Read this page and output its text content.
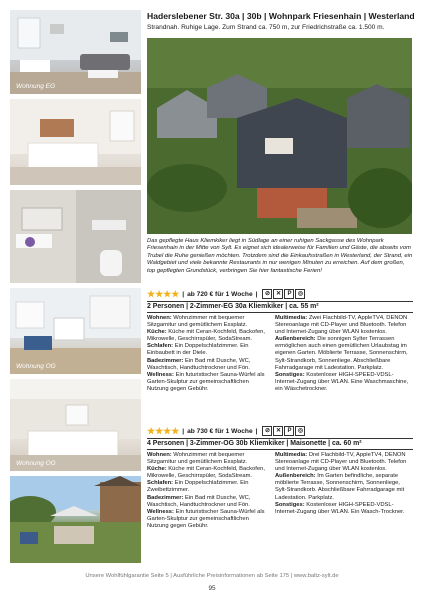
Wohnung EG
Wohnung OG
Wohnung OG
Haderslebener Str. 30a | 30b | Wohnpark Friesenhain | Westerland
Strandnah. Ruhige Lage. Zum Strand ca. 750 m, zur Friedrichstraße ca. 1.500 m.
Das gepflegte Haus Kliemkiker liegt in Südlage an einer ruhigen Sackgasse des Wohnpark Friesenhain in der Mitte von Sylt. Es eignet sich idealerweise für Familien und Gäste, die abseits vom Trubel die Ruhe genießen möchten. Trotzdem sind die Einkaufsstraßen in Westerland, der Strand, ein Waldgebiet und viele bekannte Restaurants in nur wenigen Minuten zu erreichen. Auf dem großen, top gepflegten Grundstück, verbringen Sie hier fantastische Ferien!
★★★★ | ab 720 € für 1 Woche |	⊘ ✕	P	◎
2 Personen | 2-Zimmer-EG 30a Kliemkiker | ca. 55 m²
Wohnen: Wohnzimmer mit bequemer Sitzgarnitur und gemütlichem Essplatz.
Küche: Küche mit Ceran-Kochfeld, Backofen, Mikrowelle, Geschirrspüler, SodaStream.
Schlafen: Ein Doppelschlafzimmer. Ein Einbaubett in der Diele.
Badezimmer: Ein Bad mit Dusche, WC, Waschtisch, Handtuchtrockner und Fön.
Wellness: Ein futuristischer Sauna-Würfel als Garten-Skulptur zur gemeinschaftlichen Nutzung gegen Gebühr.
Multimedia: Zwei Flachbild-TV, AppleTV4, DENON Stereoanlage mit CD-Player und Bluetooth. Telefon und Internet-Zugang über WLAN kostenlos.
Außenbereich: Die sonnigen Sylter Terrassen ermöglichen auch einen gemütlichen Urlaubstag im eigenen Garten. Möblierte Terrasse, Sonnenschirm, Sylt-Strandkorb, Sonnenliege. Abschließbare Fahrradgarage mit Ladestation. Parkplatz.
Sonstiges: Kostenloser HIGH-SPEED-VDSL-Internet-Zugang über WLAN. Eine Waschmaschine, ein Wäschetrockner.
★★★★ | ab 730 € für 1 Woche |	⊘ ✕	P	◎
4 Personen | 3-Zimmer-OG 30b Kliemkiker | Maisonette | ca. 60 m²
Wohnen: Wohnzimmer mit bequemer Sitzgarnitur und gemütlichem Essplatz.
Küche: Küche mit Ceran-Kochfeld, Backofen, Mikrowelle, Geschirrspüler, SodaStream.
Schlafen: Ein Doppelschlafzimmer. Ein Zweibettzimmer.
Badezimmer: Ein Bad mit Dusche, WC, Waschtisch, Handtuchtrockner und Fön.
Wellness: Ein futuristischer Sauna-Würfel als Garten-Skulptur zur gemeinschaftlichen Nutzung gegen Gebühr.
Multimedia: Drei Flachbild-TV, AppleTV4, DENON Stereoanlage mit CD-Player und Bluetooth. Telefon und Internet-Zugang über WLAN kostenlos.
Außenbereich: Im Garten befindliche, separate möblierte Terrasse, Sonnenschirm, Sonnenliege, Sylt-Strandkorb. Abschließbare Fahrradgarage mit Ladestation. Parkplatz.
Sonstiges: Kostenloser HIGH-SPEED-VDSL-Internet-Zugang über WLAN. Ein Wasch-Trockner.
Unsere Wohlfühlgarantie Seite 5 | Ausführliche Preisinformationen ab Seite 175 | www.baltz-sylt.de
95
